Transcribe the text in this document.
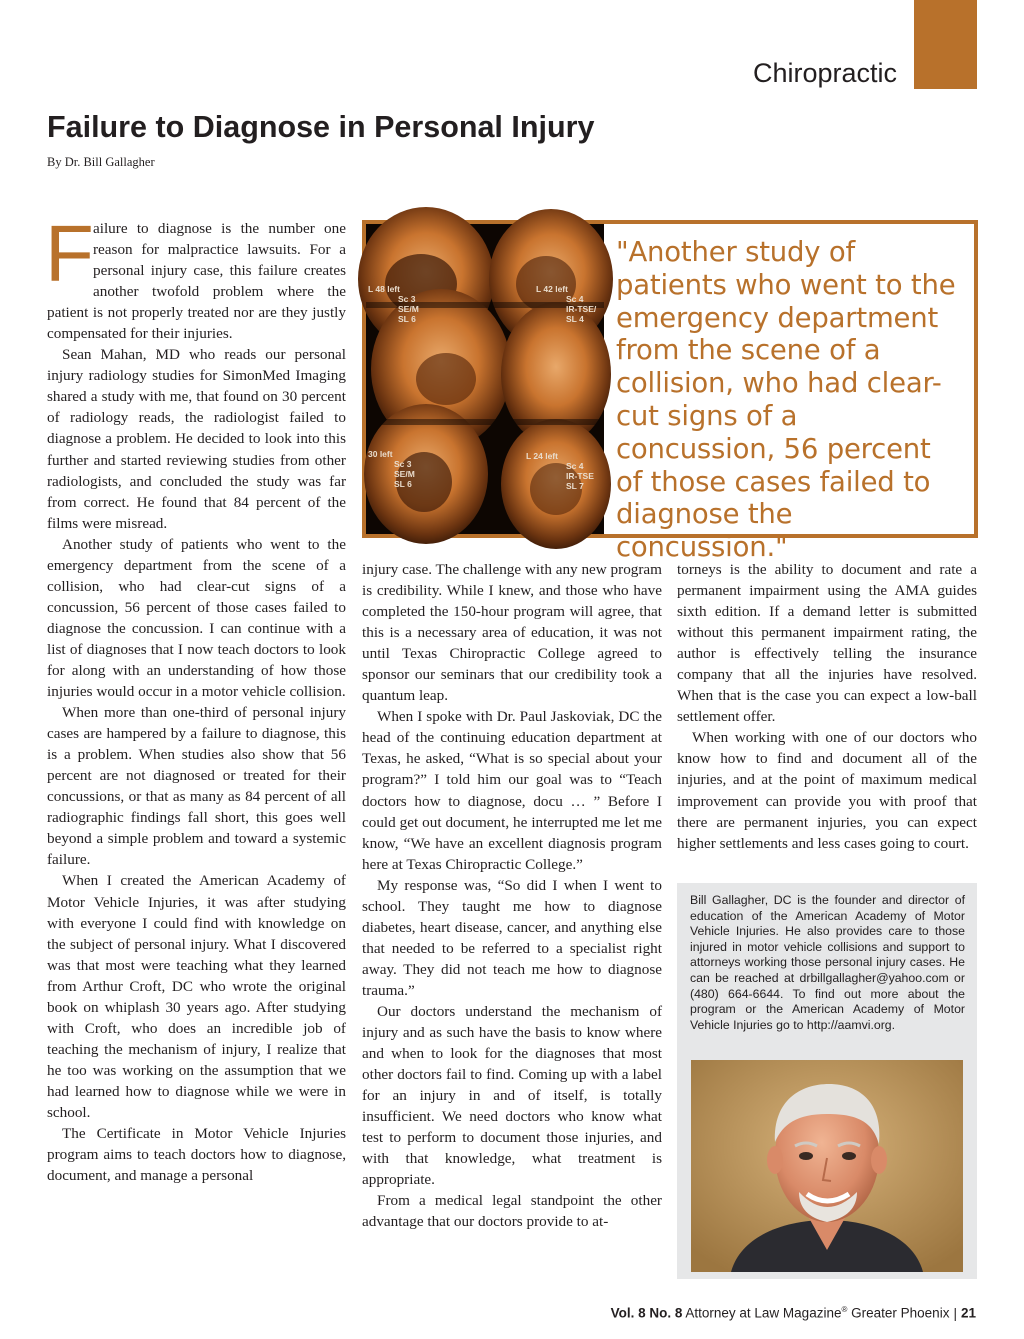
Chiropractic
Failure to Diagnose in Personal Injury
By Dr. Bill Gallagher

Failure to diagnose is the number one reason for malpractice lawsuits. For a personal injury case, this failure creates another twofold problem where the patient is not properly treated nor are they justly compensated for their injuries.

Sean Mahan, MD who reads our personal injury radiology studies for SimonMed Imaging shared a study with me, that found on 30 percent of radiology reads, the radiologist failed to diagnose a problem. He decided to look into this further and started reviewing studies from other radiologists, and concluded the study was far from correct. He found that 84 percent of the films were misread.

Another study of patients who went to the emergency department from the scene of a collision, who had clear-cut signs of a concussion, 56 percent of those cases failed to diagnose the concussion. I can continue with a list of diagnoses that I now teach doctors to look for along with an understanding of how those injuries would occur in a motor vehicle collision.

When more than one-third of personal injury cases are hampered by a failure to diagnose, this is a problem. When studies also show that 56 percent are not diagnosed or treated for their concussions, or that as many as 84 percent of all radiographic findings fall short, this goes well beyond a simple problem and toward a systemic failure.

When I created the American Academy of Motor Vehicle Injuries, it was after studying with everyone I could find with knowledge on the subject of personal injury. What I discovered was that most were teaching what they learned from Arthur Croft, DC who wrote the original book on whiplash 30 years ago. After studying with Croft, who does an incredible job of teaching the mechanism of injury, I realize that he too was working on the assumption that we had learned how to diagnose while we were in school.

The Certificate in Motor Vehicle Injuries program aims to teach doctors how to diagnose, document, and manage a personal

L 48 left
Sc 3
SE/M
SL 6
L 42 left
Sc 4
IR-TSE/
SL 4
30 left
Sc 3
SE/M
SL 6
L 24 left
Sc 4
IR-TSE
SL 7

"Another study of patients who went to the emergency department from the scene of a collision, who had clear-cut signs of a concussion, 56 percent of those cases failed to diagnose the concussion."

injury case. The challenge with any new program is credibility. While I knew, and those who have completed the 150-hour program will agree, that this is a necessary area of education, it was not until Texas Chiropractic College agreed to sponsor our seminars that our credibility took a quantum leap.

When I spoke with Dr. Paul Jaskoviak, DC the head of the continuing education department at Texas, he asked, “What is so special about your program?” I told him our goal was to “Teach doctors how to diagnose, docu … ” Before I could get out document, he interrupted me let me know, “We have an excellent diagnosis program here at Texas Chiropractic College.”

My response was, “So did I when I went to school. They taught me how to diagnose diabetes, heart disease, cancer, and anything else that needed to be referred to a specialist right away. They did not teach me how to diagnose trauma.”

Our doctors understand the mechanism of injury and as such have the basis to know where and when to look for the diagnoses that most other doctors fail to find. Coming up with a label for an injury in and of itself, is totally insufficient. We need doctors who know what test to perform to document those injuries, and with that knowledge, what treatment is appropriate.

From a medical legal standpoint the other advantage that our doctors provide to at-

torneys is the ability to document and rate a permanent impairment using the AMA guides sixth edition. If a demand letter is submitted without this permanent impairment rating, the author is effectively telling the insurance company that all the injuries have resolved. When that is the case you can expect a low-ball settlement offer.

When working with one of our doctors who know how to find and document all of the injuries, and at the point of maximum medical improvement can provide you with proof that there are permanent injuries, you can expect higher settlements and less cases going to court.

Bill Gallagher, DC is the founder and director of education of the American Academy of Motor Vehicle Injuries. He also provides care to those injured in motor vehicle collisions and support to attorneys working those personal injury cases. He can be reached at drbillgallagher@yahoo.com or (480) 664-6644. To find out more about the program or the American Academy of Motor Vehicle Injuries go to http://aamvi.org.

Vol. 8 No. 8 Attorney at Law Magazine® Greater Phoenix | 21
